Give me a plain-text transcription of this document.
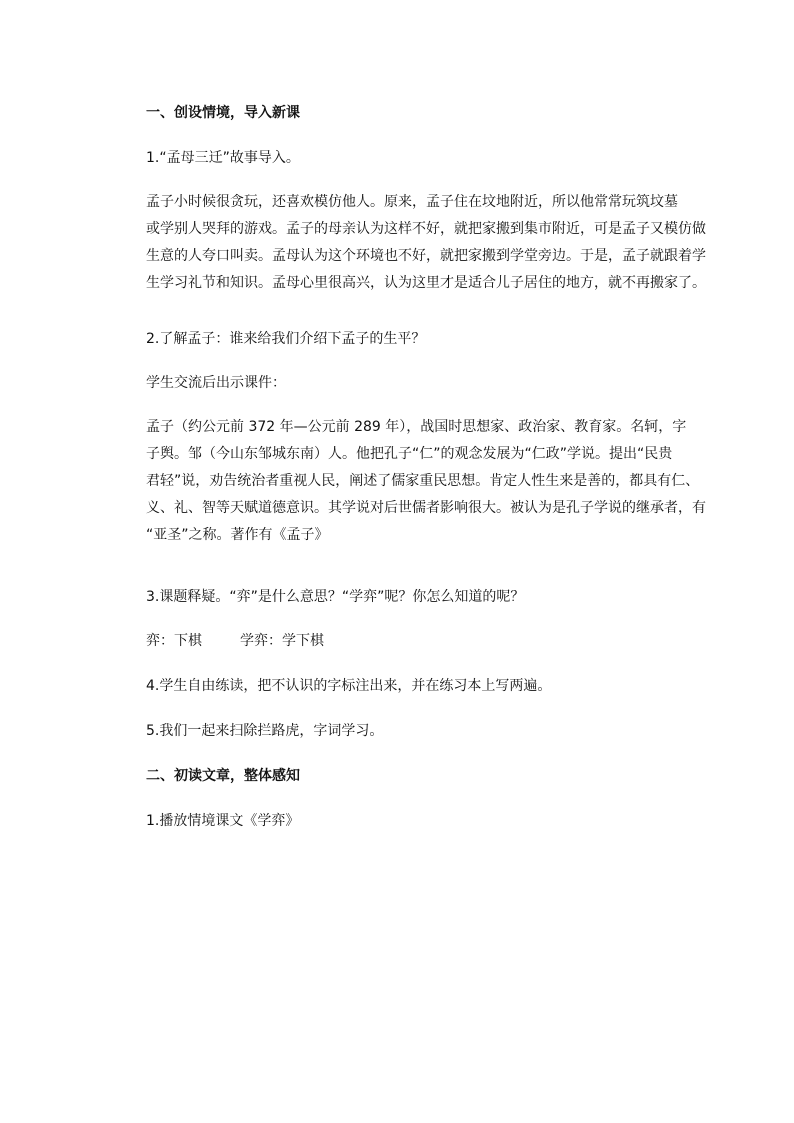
一、创设情境，导入新课
1.“孟母三迁”故事导入。
孟子小时候很贪玩，还喜欢模仿他人。原来，孟子住在坟地附近，所以他常常玩筑坟墓
或学别人哭拜的游戏。孟子的母亲认为这样不好，就把家搬到集市附近，可是孟子又模仿做
生意的人夸口叫卖。孟母认为这个环境也不好，就把家搬到学堂旁边。于是，孟子就跟着学
生学习礼节和知识。孟母心里很高兴，认为这里才是适合儿子居住的地方，就不再搬家了。
2.了解孟子：谁来给我们介绍下孟子的生平？
学生交流后出示课件：
孟子（约公元前 372 年—公元前 289 年），战国时思想家、政治家、教育家。名轲，字
子舆。邹（今山东邹城东南）人。他把孔子“仁”的观念发展为“仁政”学说。提出“民贵
君轻”说，劝告统治者重视人民，阐述了儒家重民思想。肯定人性生来是善的，都具有仁、
义、礼、智等天赋道德意识。其学说对后世儒者影响很大。被认为是孔子学说的继承者，有
“亚圣”之称。著作有《孟子》
3.课题释疑。“弈”是什么意思？“学弈”呢？你怎么知道的呢？
弈：下棋	学弈：学下棋
4.学生自由练读，把不认识的字标注出来，并在练习本上写两遍。
5.我们一起来扫除拦路虎，字词学习。
二、初读文章，整体感知
1.播放情境课文《学弈》
